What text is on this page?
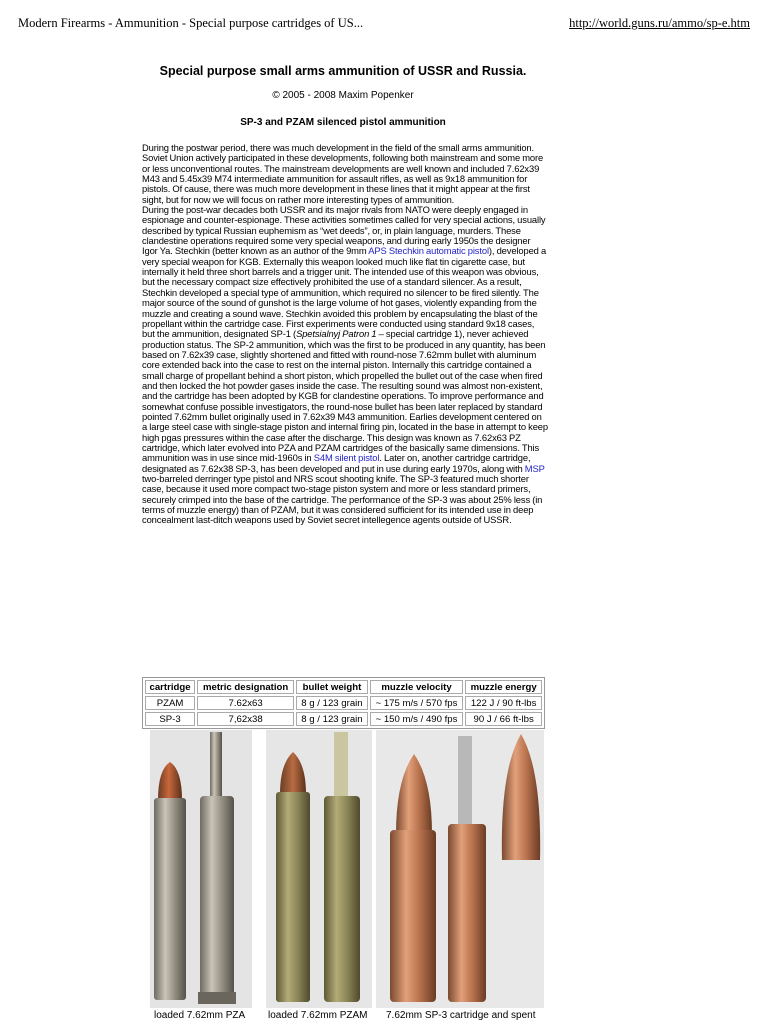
Modern Firearms - Ammunition - Special purpose cartridges of US...	http://world.guns.ru/ammo/sp-e.htm
Special purpose small arms ammunition of USSR and Russia.
© 2005 - 2008 Maxim Popenker
SP-3 and PZAM silenced pistol ammunition

During the postwar period, there was much development in the field of the small arms ammunition. Soviet Union actively participated in these developments, following both mainstream and some more or less unconventional routes. The mainstream developments are well known and included 7.62x39 M43 and 5.45x39 M74 intermediate ammunition for assault rifles, as well as 9x18 ammunition for pistols. Of cause, there was much more development in these lines that it might appear at the first sight, but for now we will focus on rather more interesting types of ammunition.

During the post-war decades both USSR and its major rivals from NATO were deeply engaged in espionage and counter-espionage. These activities sometimes called for very special actions, usually described by typical Russian euphemism as “wet deeds”, or, in plain language, murders. These clandestine operations required some very special weapons, and during early 1950s the designer Igor Ya. Stechkin (better known as an author of the 9mm APS Stechkin automatic pistol), developed a very special weapon for KGB. Externally this weapon looked much like flat tin cigarette case, but internally it held three short barrels and a trigger unit. The intended use of this weapon was obvious, but the necessary compact size effectively prohibited the use of a standard silencer. As a result, Stechkin developed a special type of ammunition, which required no silencer to be fired silently. The major source of the sound of gunshot is the large volume of hot gases, violently expanding from the muzzle and creating a sound wave. Stechkin avoided this problem by encapsulating the blast of the propellant within the cartridge case. First experiments were conducted using standard 9x18 cases, but the ammunition, designated SP-1 (Spetsialnyj Patron 1 – special cartridge 1), never achieved production status. The SP-2 ammunition, which was the first to be produced in any quantity, has been based on 7.62x39 case, slightly shortened and fitted with round-nose 7.62mm bullet with aluminum core extended back into the case to rest on the internal piston. Internally this cartridge contained a small charge of propellant behind a short piston, which propelled the bullet out of the case when fired and then locked the hot powder gases inside the case. The resulting sound was almost non-existent, and the cartridge has been adopted by KGB for clandestine operations. To improve performance and somewhat confuse possible investigators, the round-nose bullet has been later replaced by standard pointed 7.62mm bullet originally used in 7.62x39 M43 ammunition. Earlies development centered on a large steel case with single-stage piston and internal firing pin, located in the base in attempt to keep high pgas pressures within the case after the discharge. This design was known as 7.62x63 PZ cartridge, which later evolved into PZA and PZAM cartridges of the basically same dimensions. This ammunition was in use since mid-1960s in S4M silent pistol. Later on, another cartridge cartridge, designated as 7.62x38 SP-3, has been developed and put in use during early 1970s, along with MSP two-barreled derringer type pistol and NRS scout shooting knife. The SP-3 featured much shorter case, because it used more compact two-stage piston system and more or less standard primers, securely crimped into the base of the cartridge. The performance of the SP-3 was about 25% less (in terms of muzzle energy) than of PZAM, but it was considered sufficient for its intended use in deep concealment last-ditch weapons used by Soviet secret intellegence agents outside of USSR.

cartridge	metric designation	bullet weight	muzzle velocity	muzzle energy
PZAM	7.62x63	8 g / 123 grain	~ 175 m/s / 570 fps	122 J / 90 ft-lbs
SP-3	7,62x38	8 g / 123 grain	~ 150 m/s / 490 fps	90 J / 66 ft-lbs
loaded 7.62mm PZA loaded 7.62mm PZAM 7.62mm SP-3 cartridge and spent
